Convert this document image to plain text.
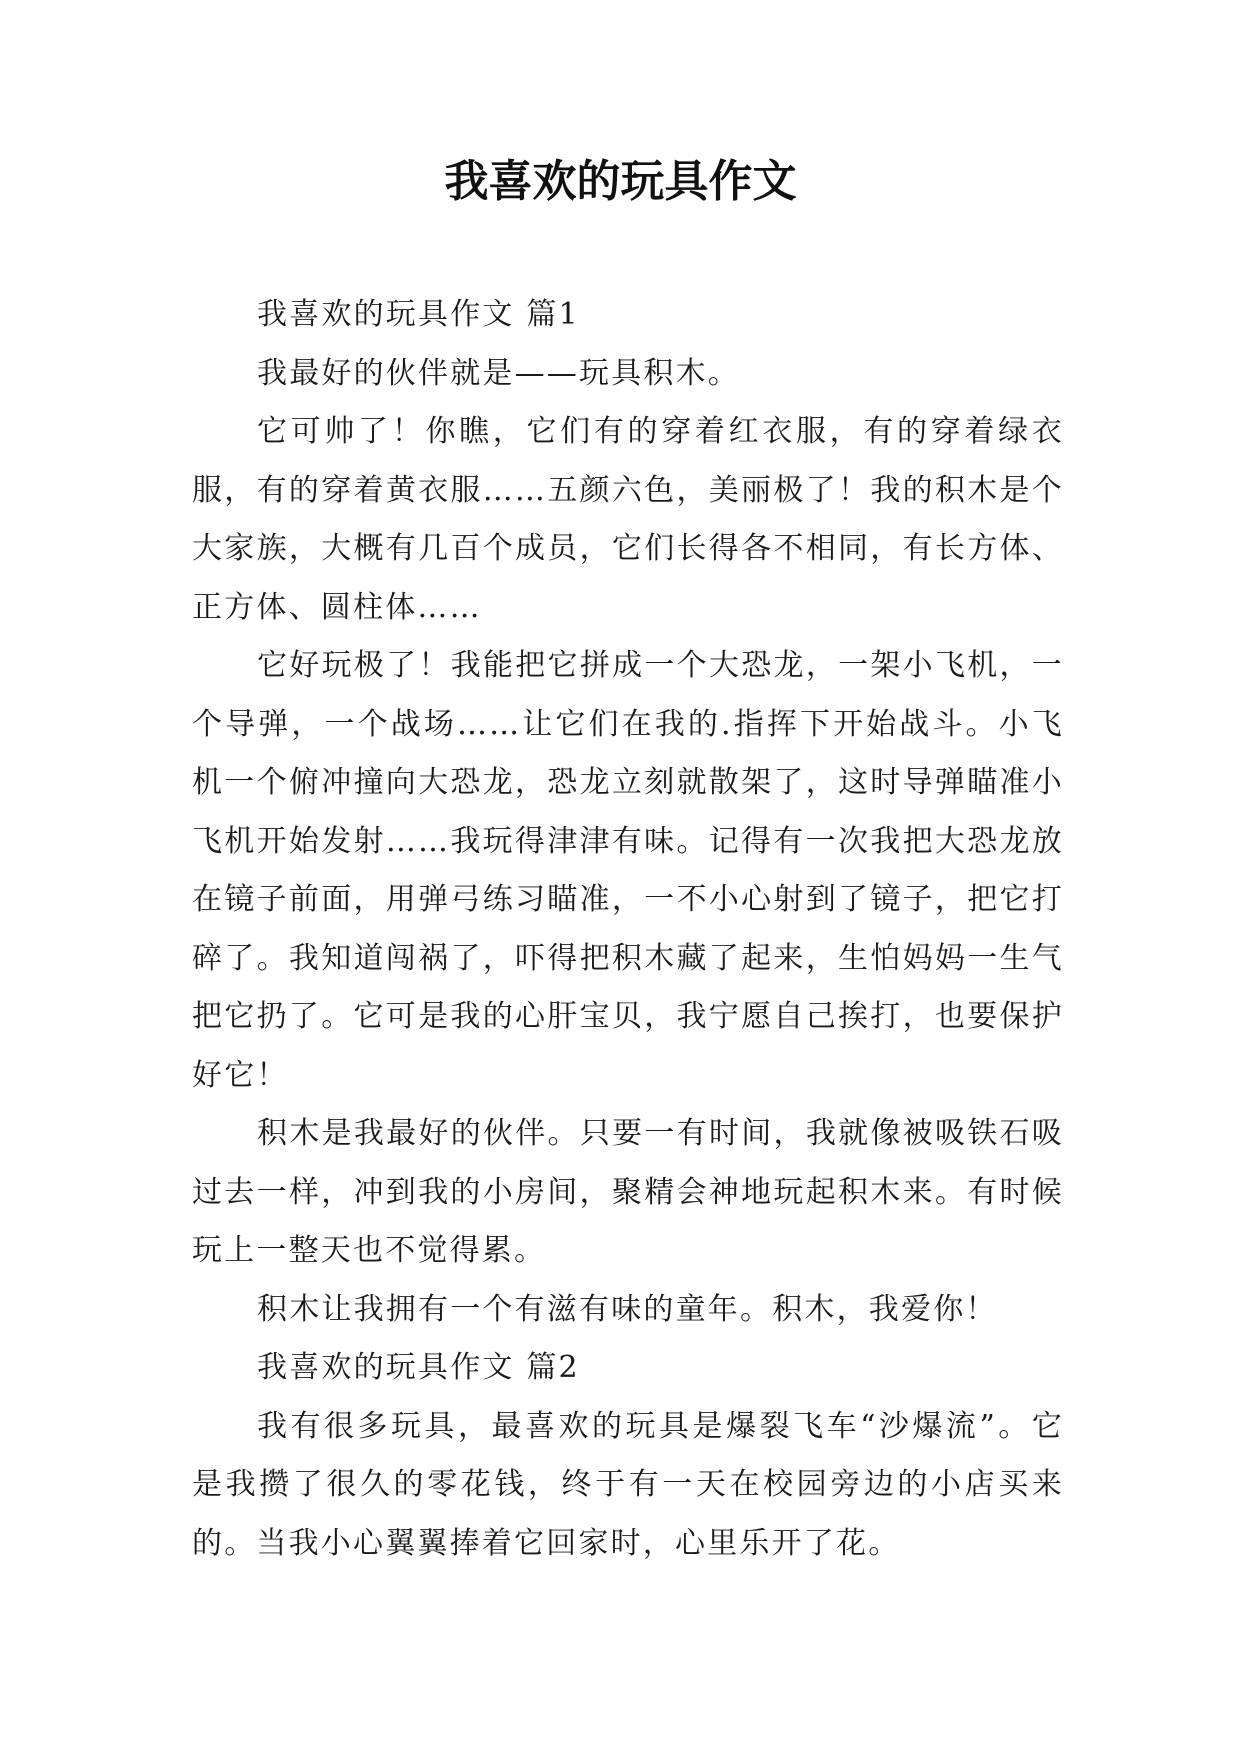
我喜欢的玩具作文

我喜欢的玩具作文 篇1

我最好的伙伴就是——玩具积木。

它可帅了！你瞧，它们有的穿着红衣服，有的穿着绿衣服，有的穿着黄衣服……五颜六色，美丽极了！我的积木是个大家族，大概有几百个成员，它们长得各不相同，有长方体、正方体、圆柱体……

它好玩极了！我能把它拼成一个大恐龙，一架小飞机，一个导弹，一个战场……让它们在我的.指挥下开始战斗。小飞机一个俯冲撞向大恐龙，恐龙立刻就散架了，这时导弹瞄准小飞机开始发射……我玩得津津有味。记得有一次我把大恐龙放在镜子前面，用弹弓练习瞄准，一不小心射到了镜子，把它打碎了。我知道闯祸了，吓得把积木藏了起来，生怕妈妈一生气把它扔了。它可是我的心肝宝贝，我宁愿自己挨打，也要保护好它！

积木是我最好的伙伴。只要一有时间，我就像被吸铁石吸过去一样，冲到我的小房间，聚精会神地玩起积木来。有时候玩上一整天也不觉得累。

积木让我拥有一个有滋有味的童年。积木，我爱你！

我喜欢的玩具作文 篇2

我有很多玩具，最喜欢的玩具是爆裂飞车“沙爆流”。它是我攒了很久的零花钱，终于有一天在校园旁边的小店买来的。当我小心翼翼捧着它回家时，心里乐开了花。
